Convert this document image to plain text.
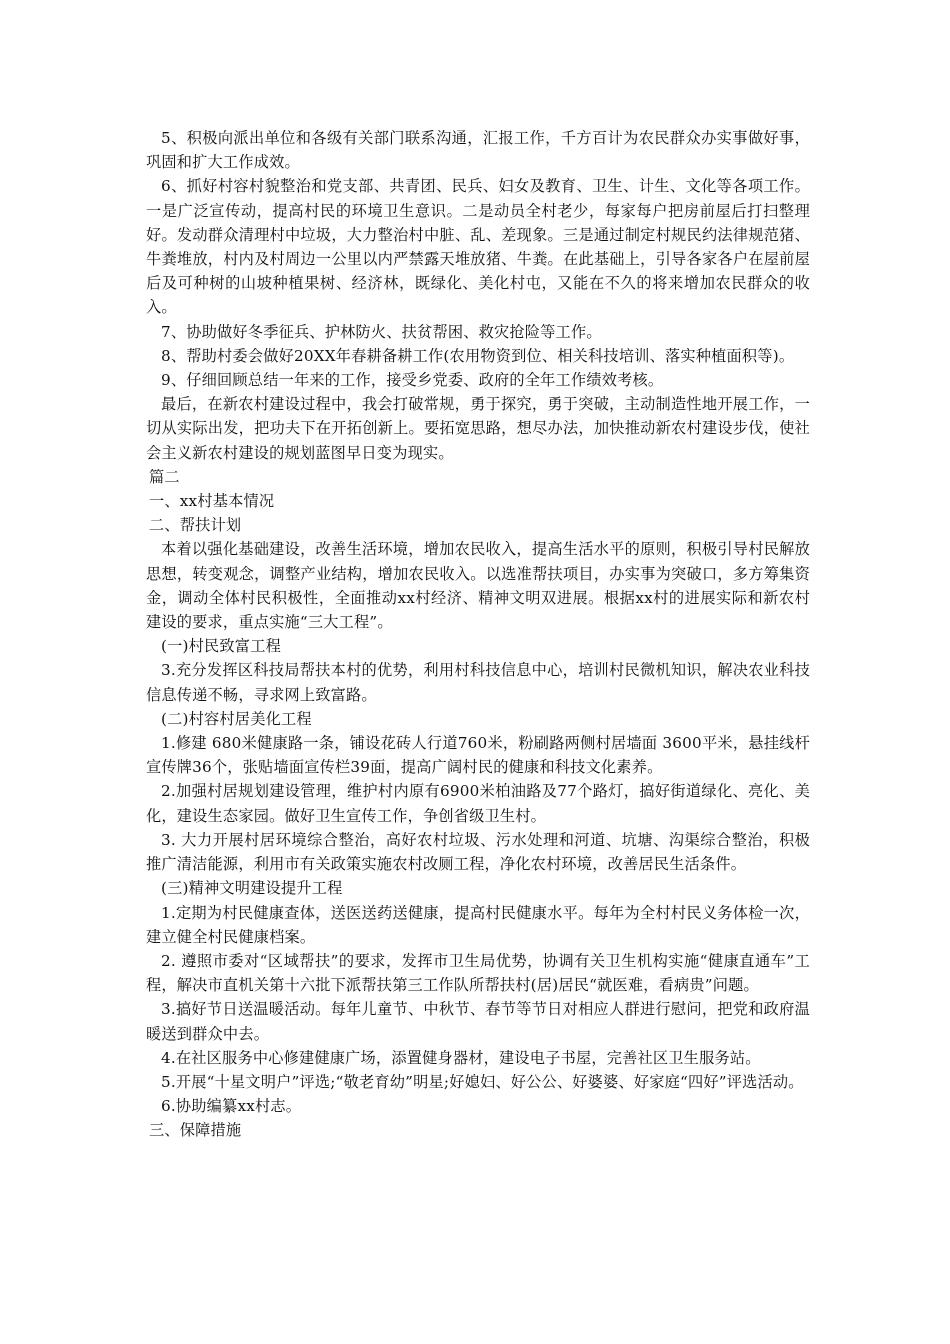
5、积极向派出单位和各级有关部门联系沟通，汇报工作，千方百计为农民群众办实事做好事，巩固和扩大工作成效。

6、抓好村容村貌整治和党支部、共青团、民兵、妇女及教育、卫生、计生、文化等各项工作。一是广泛宣传动，提高村民的环境卫生意识。二是动员全村老少，每家每户把房前屋后打扫整理好。发动群众清理村中垃圾，大力整治村中脏、乱、差现象。三是通过制定村规民约法律规范猪、牛粪堆放，村内及村周边一公里以内严禁露天堆放猪、牛粪。在此基础上，引导各家各户在屋前屋后及可种树的山坡种植果树、经济林，既绿化、美化村屯，又能在不久的将来增加农民群众的收入。

7、协助做好冬季征兵、护林防火、扶贫帮困、救灾抢险等工作。

8、帮助村委会做好20XX年春耕备耕工作(农用物资到位、相关科技培训、落实种植面积等)。

9、仔细回顾总结一年来的工作，接受乡党委、政府的全年工作绩效考核。

最后，在新农村建设过程中，我会打破常规，勇于探究，勇于突破，主动制造性地开展工作，一切从实际出发，把功夫下在开拓创新上。要拓宽思路，想尽办法，加快推动新农村建设步伐，使社会主义新农村建设的规划蓝图早日变为现实。

篇二

一、xx村基本情况

二、帮扶计划

本着以强化基础建设，改善生活环境，增加农民收入，提高生活水平的原则，积极引导村民解放思想，转变观念，调整产业结构，增加农民收入。以选准帮扶项目，办实事为突破口，多方筹集资金，调动全体村民积极性，全面推动xx村经济、精神文明双进展。根据xx村的进展实际和新农村建设的要求，重点实施“三大工程”。

(一)村民致富工程

3.充分发挥区科技局帮扶本村的优势，利用村科技信息中心，培训村民微机知识，解决农业科技信息传递不畅，寻求网上致富路。

(二)村容村居美化工程

1.修建 680米健康路一条，铺设花砖人行道760米，粉刷路两侧村居墙面 3600平米，悬挂线杆宣传牌36个，张贴墙面宣传栏39面，提高广阔村民的健康和科技文化素养。

2.加强村居规划建设管理，维护村内原有6900米柏油路及77个路灯，搞好街道绿化、亮化、美化，建设生态家园。做好卫生宣传工作，争创省级卫生村。

3. 大力开展村居环境综合整治，高好农村垃圾、污水处理和河道、坑塘、沟渠综合整治，积极推广清洁能源，利用市有关政策实施农村改厕工程，净化农村环境，改善居民生活条件。

(三)精神文明建设提升工程

1.定期为村民健康查体，送医送药送健康，提高村民健康水平。每年为全村村民义务体检一次，建立健全村民健康档案。

2. 遵照市委对“区域帮扶”的要求，发挥市卫生局优势，协调有关卫生机构实施“健康直通车”工程，解决市直机关第十六批下派帮扶第三工作队所帮扶村(居)居民“就医难，看病贵”问题。

3.搞好节日送温暖活动。每年儿童节、中秋节、春节等节日对相应人群进行慰问，把党和政府温暖送到群众中去。

4.在社区服务中心修建健康广场，添置健身器材，建设电子书屋，完善社区卫生服务站。

5.开展“十星文明户”评选;“敬老育幼”明星;好媳妇、好公公、好婆婆、好家庭“四好”评选活动。

6.协助编纂xx村志。

三、保障措施
